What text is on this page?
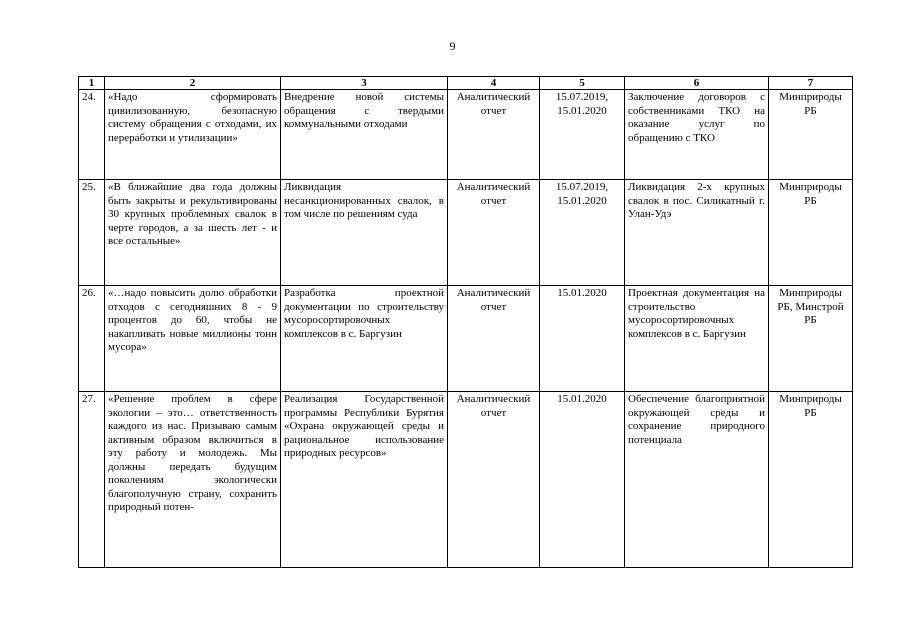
9
1	2	3	4	5	6	7
24.	«Надо сформировать цивилизованную, безопасную систему обращения с отходами, их переработки и утилизации»	Внедрение новой системы обращения с твердыми коммунальными отходами	Аналитический отчет	15.07.2019, 15.01.2020	Заключение договоров с собственниками ТКО на оказание услуг по обращению с ТКО	Минприроды РБ
25.	«В ближайшие два года должны быть закрыты и рекультивированы 30 крупных проблемных свалок в черте городов, а за шесть лет - и все остальные»	Ликвидация несанкционированных свалок, в том числе по решениям суда	Аналитический отчет	15.07.2019, 15.01.2020	Ликвидация 2-х крупных свалок в пос. Силикатный г. Улан-Удэ	Минприроды РБ
26.	«…надо повысить долю обработки отходов с сегодняшних 8 - 9 процентов до 60, чтобы не накапливать новые миллионы тонн мусора»	Разработка проектной документации по строительству мусоросортировочных комплексов в с. Баргузин	Аналитический отчет	15.01.2020	Проектная документация на строительство мусоросортировочных комплексов в с. Баргузин	Минприроды РБ, Минстрой РБ
27.	«Решение проблем в сфере экологии – это… ответственность каждого из нас. Призываю самым активным образом включиться в эту работу и молодежь. Мы должны передать будущим поколениям экологически благополучную страну, сохранить природный потен-	Реализация Государственной программы Республики Бурятия «Охрана окружающей среды и рациональное использование природных ресурсов»	Аналитический отчет	15.01.2020	Обеспечение благоприятной окружающей среды и сохранение природного потенциала	Минприроды РБ
